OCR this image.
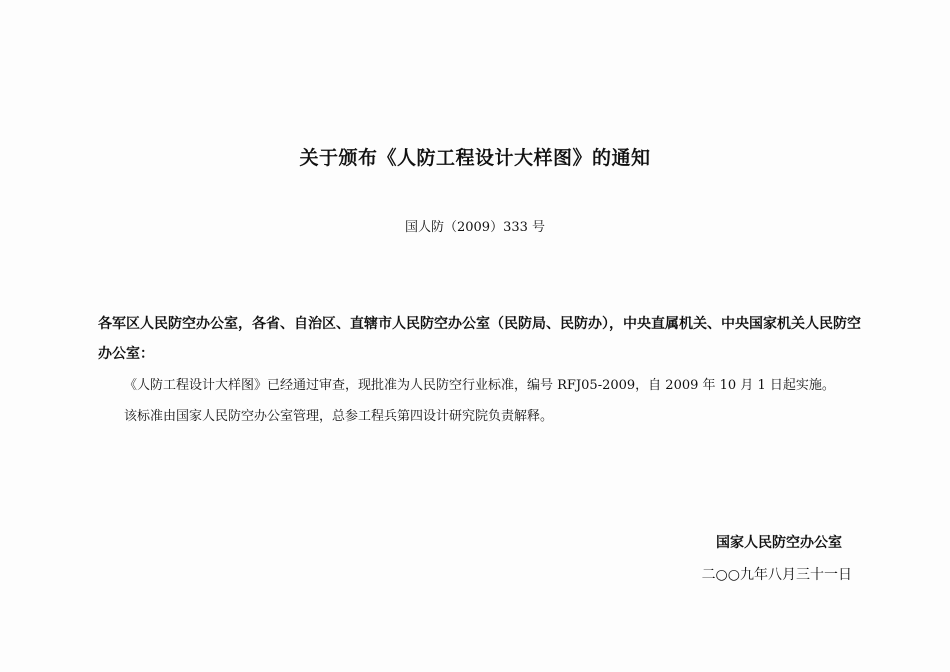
关于颁布《人防工程设计大样图》的通知
国人防（2009）333 号
各军区人民防空办公室，各省、自治区、直辖市人民防空办公室（民防局、民防办），中央直属机关、中央国家机关人民防空办公室：
《人防工程设计大样图》已经通过审查，现批准为人民防空行业标准，编号 RFJ05-2009，自 2009 年 10 月 1 日起实施。
该标准由国家人民防空办公室管理，总参工程兵第四设计研究院负责解释。
国家人民防空办公室
二○○九年八月三十一日
